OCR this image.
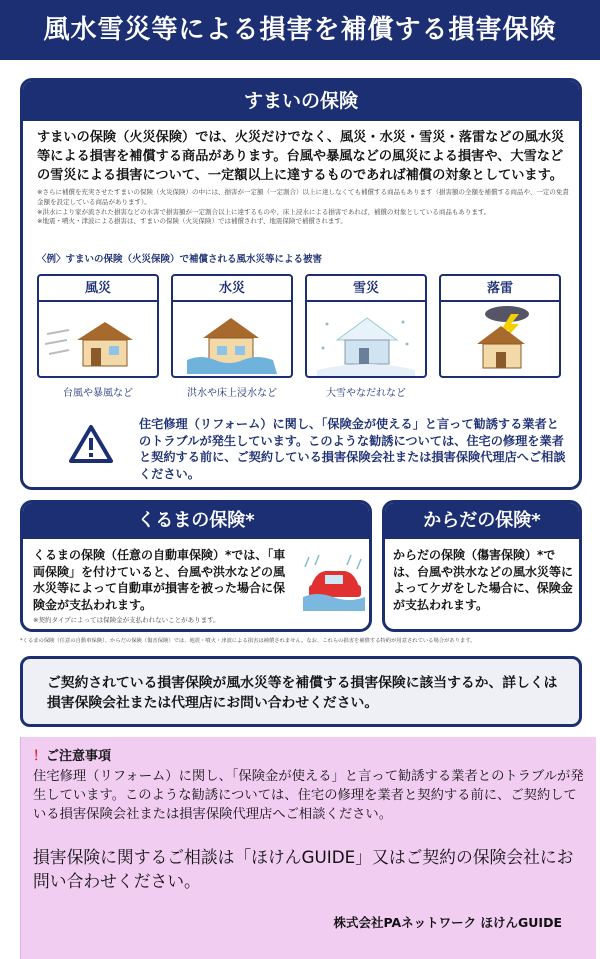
風水雪災等による損害を補償する損害保険
すまいの保険
すまいの保険（火災保険）では、火災だけでなく、風災・水災・雪災・落雷などの風水災等による損害を補償する商品があります。台風や暴風などの風災による損害や、大雪などの雪災による損害について、一定額以上に達するものであれば補償の対象としています。
※さらに補償を充実させたすまいの保険（火災保険）の中には、損害が一定額（一定割合）以上に達しなくても補償する商品もあります（損害額の全額を補償する商品や、一定の免責金額を設定している商品があります）。
※洪水により家が流された損害などの水害で損害額が一定割合以上に達するものや、床上浸水による損害であれば、補償の対象としている商品もあります。
※地震・噴火・津波による損害は、すまいの保険（火災保険）では補償されず、地震保険で補償されます。
〈例〉すまいの保険（火災保険）で補償される風水災等による被害
風災
台風や暴風など
水災
洪水や床上浸水など
雪災
大雪やなだれなど
落雷
住宅修理（リフォーム）に関し、「保険金が使える」と言って勧誘する業者とのトラブルが発生しています。このような勧誘については、住宅の修理を業者と契約する前に、ご契約している損害保険会社または損害保険代理店へご相談ください。
くるまの保険*
くるまの保険（任意の自動車保険）*では、「車両保険」を付けていると、台風や洪水などの風水災等によって自動車が損害を被った場合に保険金が支払われます。
※契約タイプによっては保険金が支払われないことがあります。
からだの保険*
からだの保険（傷害保険）*では、台風や洪水などの風水災等によってケガをした場合に、保険金が支払われます。
*くるまの保険（任意の自動車保険）、からだの保険（傷害保険）では、地震・噴火・津波による損害は補償されません。なお、これらの損害を補償する特約が用意されている場合があります。
ご契約されている損害保険が風水災等を補償する損害保険に該当するか、詳しくは損害保険会社または代理店にお問い合わせください。
！ご注意事項
住宅修理（リフォーム）に関し、「保険金が使える」と言って勧誘する業者とのトラブルが発生しています。このような勧誘については、住宅の修理を業者と契約する前に、ご契約している損害保険会社または損害保険代理店へご相談ください。
損害保険に関するご相談は「ほけんGUIDE」又はご契約の保険会社にお問い合わせください。
株式会社PAネットワーク ほけんGUIDE
